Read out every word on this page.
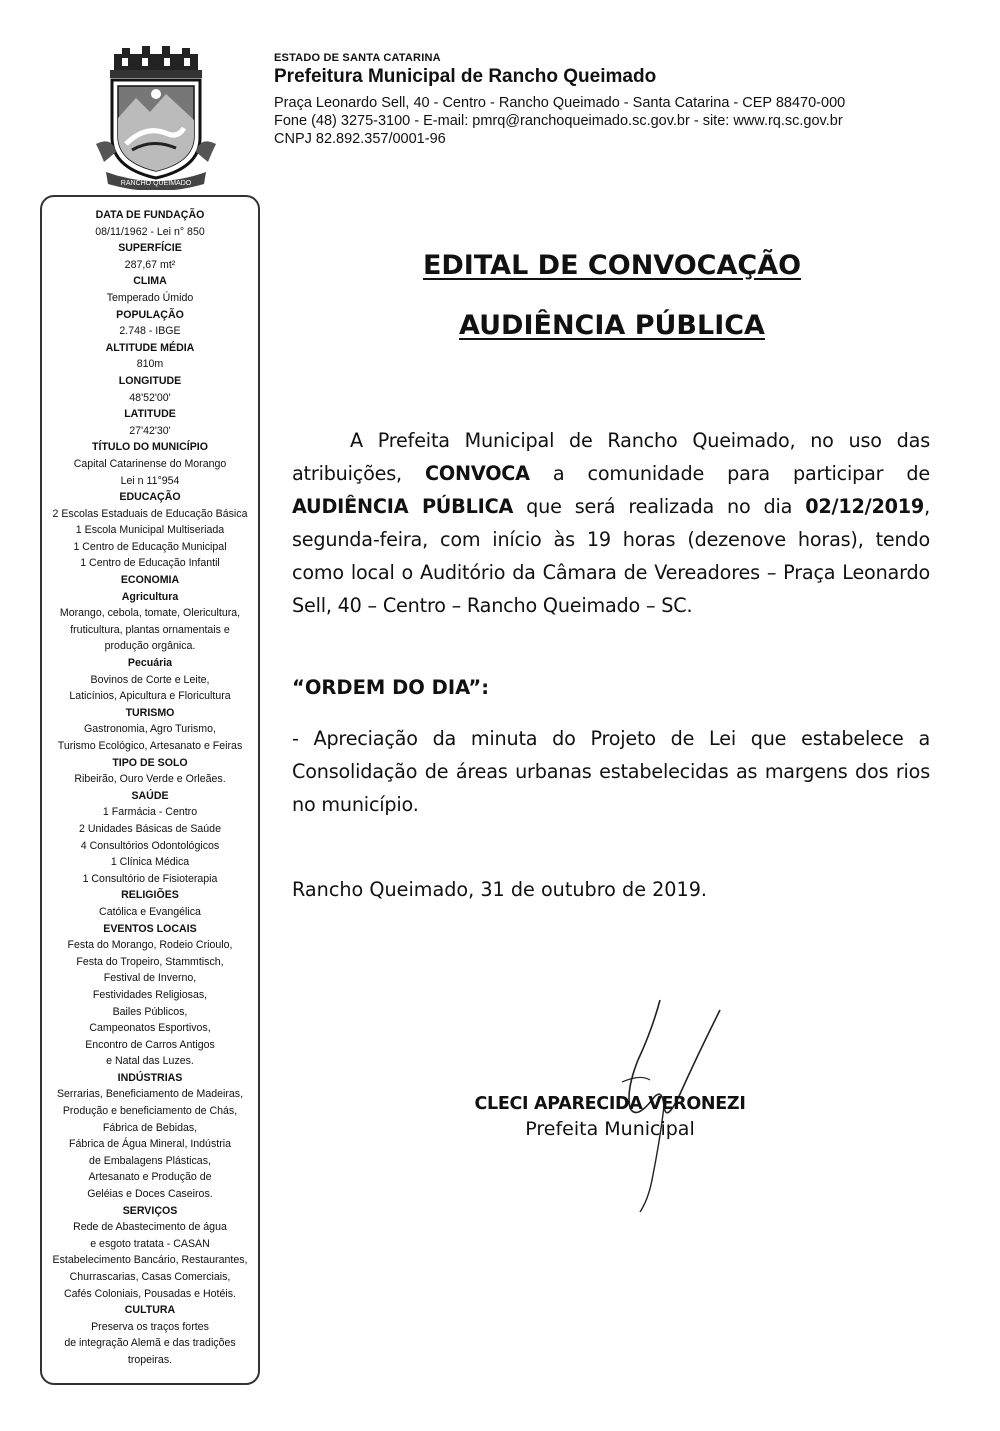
RANCHO QUEIMADO
ESTADO DE SANTA CATARINA
Prefeitura Municipal de Rancho Queimado
Praça Leonardo Sell, 40 - Centro - Rancho Queimado - Santa Catarina - CEP 88470-000
Fone (48) 3275-3100 - E-mail: pmrq@ranchoqueimado.sc.gov.br - site: www.rq.sc.gov.br
CNPJ 82.892.357/0001-96
DATA DE FUNDAÇÃO
08/11/1962 - Lei n° 850
SUPERFÍCIE
287,67 mt²
CLIMA
Temperado Úmido
POPULAÇÃO
2.748 - IBGE
ALTITUDE MÉDIA
810m
LONGITUDE
48'52'00'
LATITUDE
27'42'30'
TÍTULO DO MUNICÍPIO
Capital Catarinense do Morango
Lei n 11°954
EDUCAÇÃO
2 Escolas Estaduais de Educação Básica
1 Escola Municipal Multiseriada
1 Centro de Educação Municipal
1 Centro de Educação Infantil
ECONOMIA
Agricultura
Morango, cebola, tomate, Olericultura,
fruticultura, plantas ornamentais e
produção orgânica.
Pecuária
Bovinos de Corte e Leite,
Laticínios, Apicultura e Floricultura
TURISMO
Gastronomia, Agro Turismo,
Turismo Ecológico, Artesanato e Feiras
TIPO DE SOLO
Ribeirão, Ouro Verde e Orleães.
SAÚDE
1 Farmácia - Centro
2 Unidades Básicas de Saúde
4 Consultórios Odontológicos
1 Clínica Médica
1 Consultório de Fisioterapia
RELIGIÕES
Católica e Evangélica
EVENTOS LOCAIS
Festa do Morango, Rodeio Crioulo,
Festa do Tropeiro, Stammtisch,
Festival de Inverno,
Festividades Religiosas,
Bailes Públicos,
Campeonatos Esportivos,
Encontro de Carros Antigos
e Natal das Luzes.
INDÚSTRIAS
Serrarias, Beneficiamento de Madeiras,
Produção e beneficiamento de Chás,
Fábrica de Bebidas,
Fábrica de Água Mineral, Indústria
de Embalagens Plásticas,
Artesanato e Produção de
Geléias e Doces Caseiros.
SERVIÇOS
Rede de Abastecimento de água
e esgoto tratata - CASAN
Estabelecimento Bancário, Restaurantes,
Churrascarias, Casas Comerciais,
Cafés Coloniais, Pousadas e Hotéis.
CULTURA
Preserva os traços fortes
de integração Alemã e das tradições
tropeiras.
EDITAL DE CONVOCAÇÃO
AUDIÊNCIA PÚBLICA
A Prefeita Municipal de Rancho Queimado, no uso das atribuições, CONVOCA a comunidade para participar de AUDIÊNCIA PÚBLICA que será realizada no dia 02/12/2019, segunda-feira, com início às 19 horas (dezenove horas), tendo como local o Auditório da Câmara de Vereadores – Praça Leonardo Sell, 40 – Centro – Rancho Queimado – SC.
“ORDEM DO DIA”:
- Apreciação da minuta do Projeto de Lei que estabelece a Consolidação de áreas urbanas estabelecidas as margens dos rios no município.
Rancho Queimado, 31 de outubro de 2019.
CLECI APARECIDA VERONEZI
Prefeita Municipal
